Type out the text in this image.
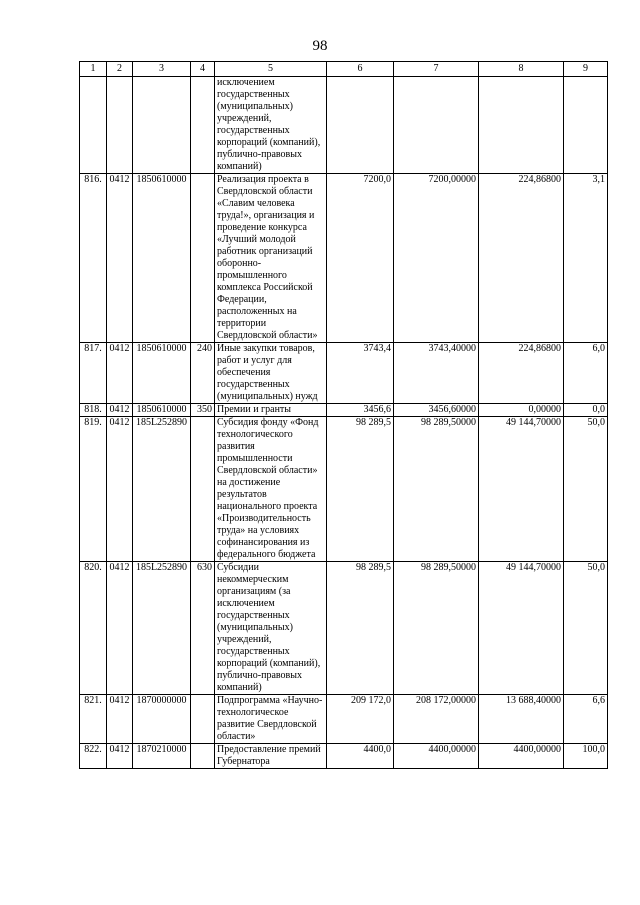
98
1	2	3	4	5	6	7	8	9
				исключением государственных (муниципальных) учреждений, государственных корпораций (компаний), публично-правовых компаний)				
816.	0412	1850610000		Реализация проекта в Свердловской области «Славим человека труда!», организация и проведение конкурса «Лучший молодой работник организаций оборонно-промышленного комплекса Российской Федерации, расположенных на территории Свердловской области»	7200,0	7200,00000	224,86800	3,1
817.	0412	1850610000	240	Иные закупки товаров, работ и услуг для обеспечения государственных (муниципальных) нужд	3743,4	3743,40000	224,86800	6,0
818.	0412	1850610000	350	Премии и гранты	3456,6	3456,60000	0,00000	0,0
819.	0412	185L252890		Субсидия фонду «Фонд технологического развития промышленности Свердловской области» на достижение результатов национального проекта «Производительность труда» на условиях софинансирования из федерального бюджета	98 289,5	98 289,50000	49 144,70000	50,0
820.	0412	185L252890	630	Субсидии некоммерческим организациям (за исключением государственных (муниципальных) учреждений, государственных корпораций (компаний), публично-правовых компаний)	98 289,5	98 289,50000	49 144,70000	50,0
821.	0412	1870000000		Подпрограмма «Научно-технологическое развитие Свердловской области»	209 172,0	208 172,00000	13 688,40000	6,6
822.	0412	1870210000		Предоставление премий Губернатора	4400,0	4400,00000	4400,00000	100,0
